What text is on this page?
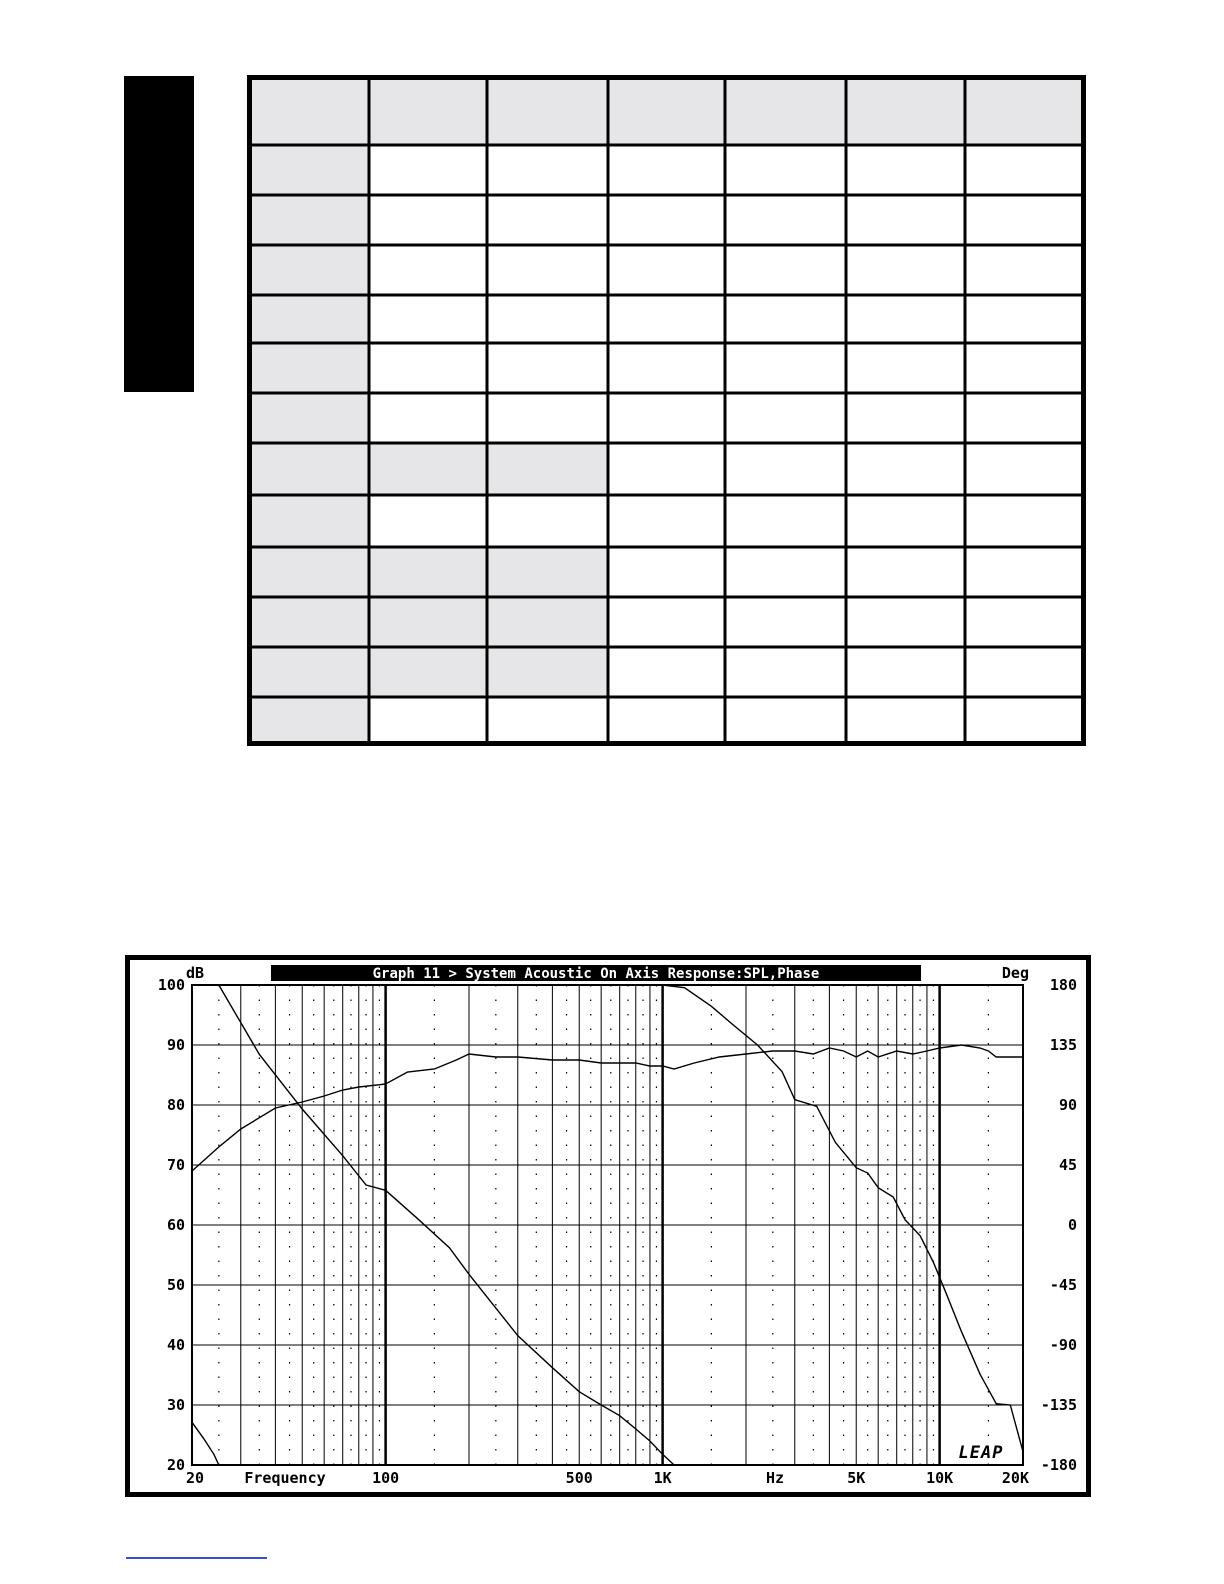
Graph 11 > System Acoustic On Axis Response:SPL,Phase
dB	Deg
20
30
40
50
60
70
80
90
100
-180
-135
-90
-45
0
45
90
135
180
20	100	500	1K	5K	10K	20K
Frequency	Hz
LEAP
